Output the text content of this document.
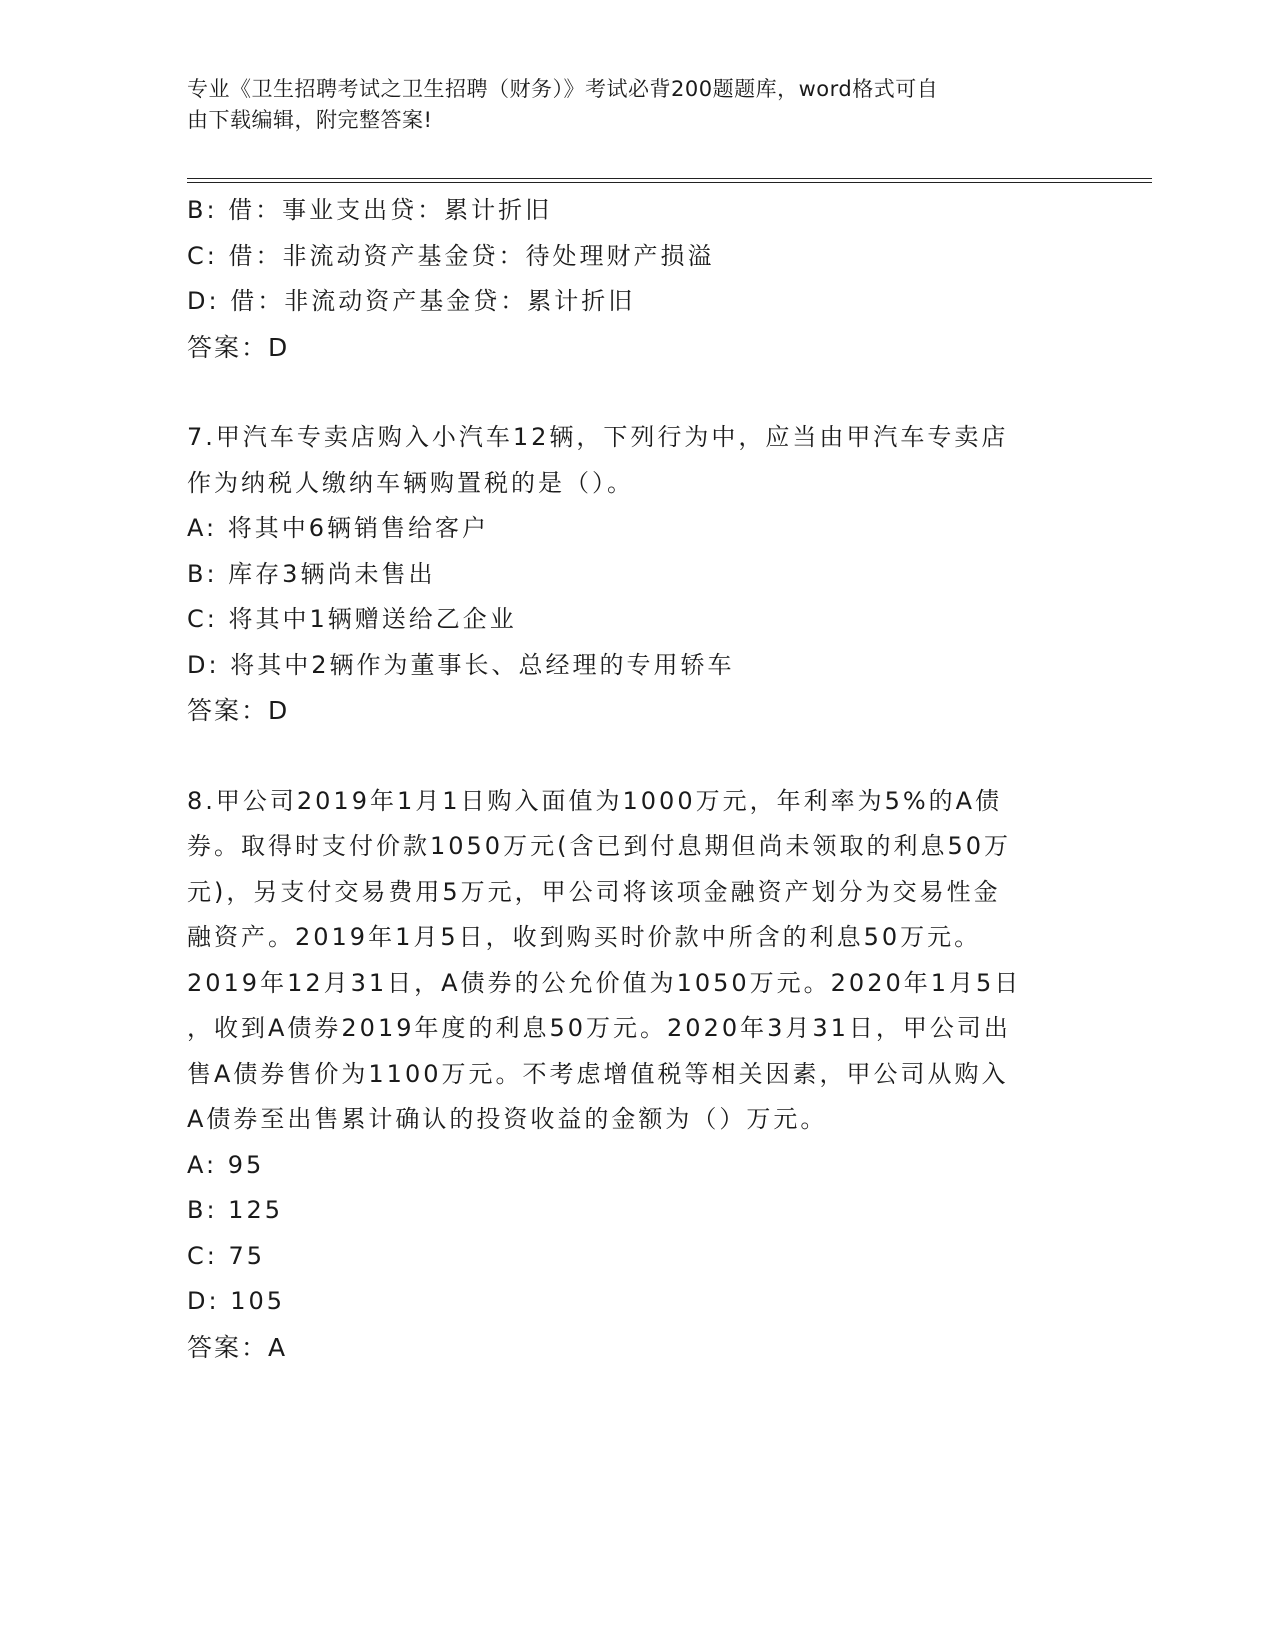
专业《卫生招聘考试之卫生招聘（财务）》考试必背200题题库，word格式可自

由下载编辑，附完整答案!

B: 借：事业支出贷：累计折旧

C: 借：非流动资产基金贷：待处理财产损溢

D: 借：非流动资产基金贷：累计折旧

答案：D

7.甲汽车专卖店购入小汽车12辆，下列行为中，应当由甲汽车专卖店

作为纳税人缴纳车辆购置税的是（）。

A: 将其中6辆销售给客户

B: 库存3辆尚未售出

C: 将其中1辆赠送给乙企业

D: 将其中2辆作为董事长、总经理的专用轿车

答案：D

8.甲公司2019年1月1日购入面值为1000万元，年利率为5%的A债

券。取得时支付价款1050万元(含已到付息期但尚未领取的利息50万

元)，另支付交易费用5万元，甲公司将该项金融资产划分为交易性金

融资产。2019年1月5日，收到购买时价款中所含的利息50万元。

2019年12月31日，A债券的公允价值为1050万元。2020年1月5日

，收到A债券2019年度的利息50万元。2020年3月31日，甲公司出

售A债券售价为1100万元。不考虑增值税等相关因素，甲公司从购入

A债券至出售累计确认的投资收益的金额为（）万元。

A: 95

B: 125

C: 75

D: 105

答案：A
